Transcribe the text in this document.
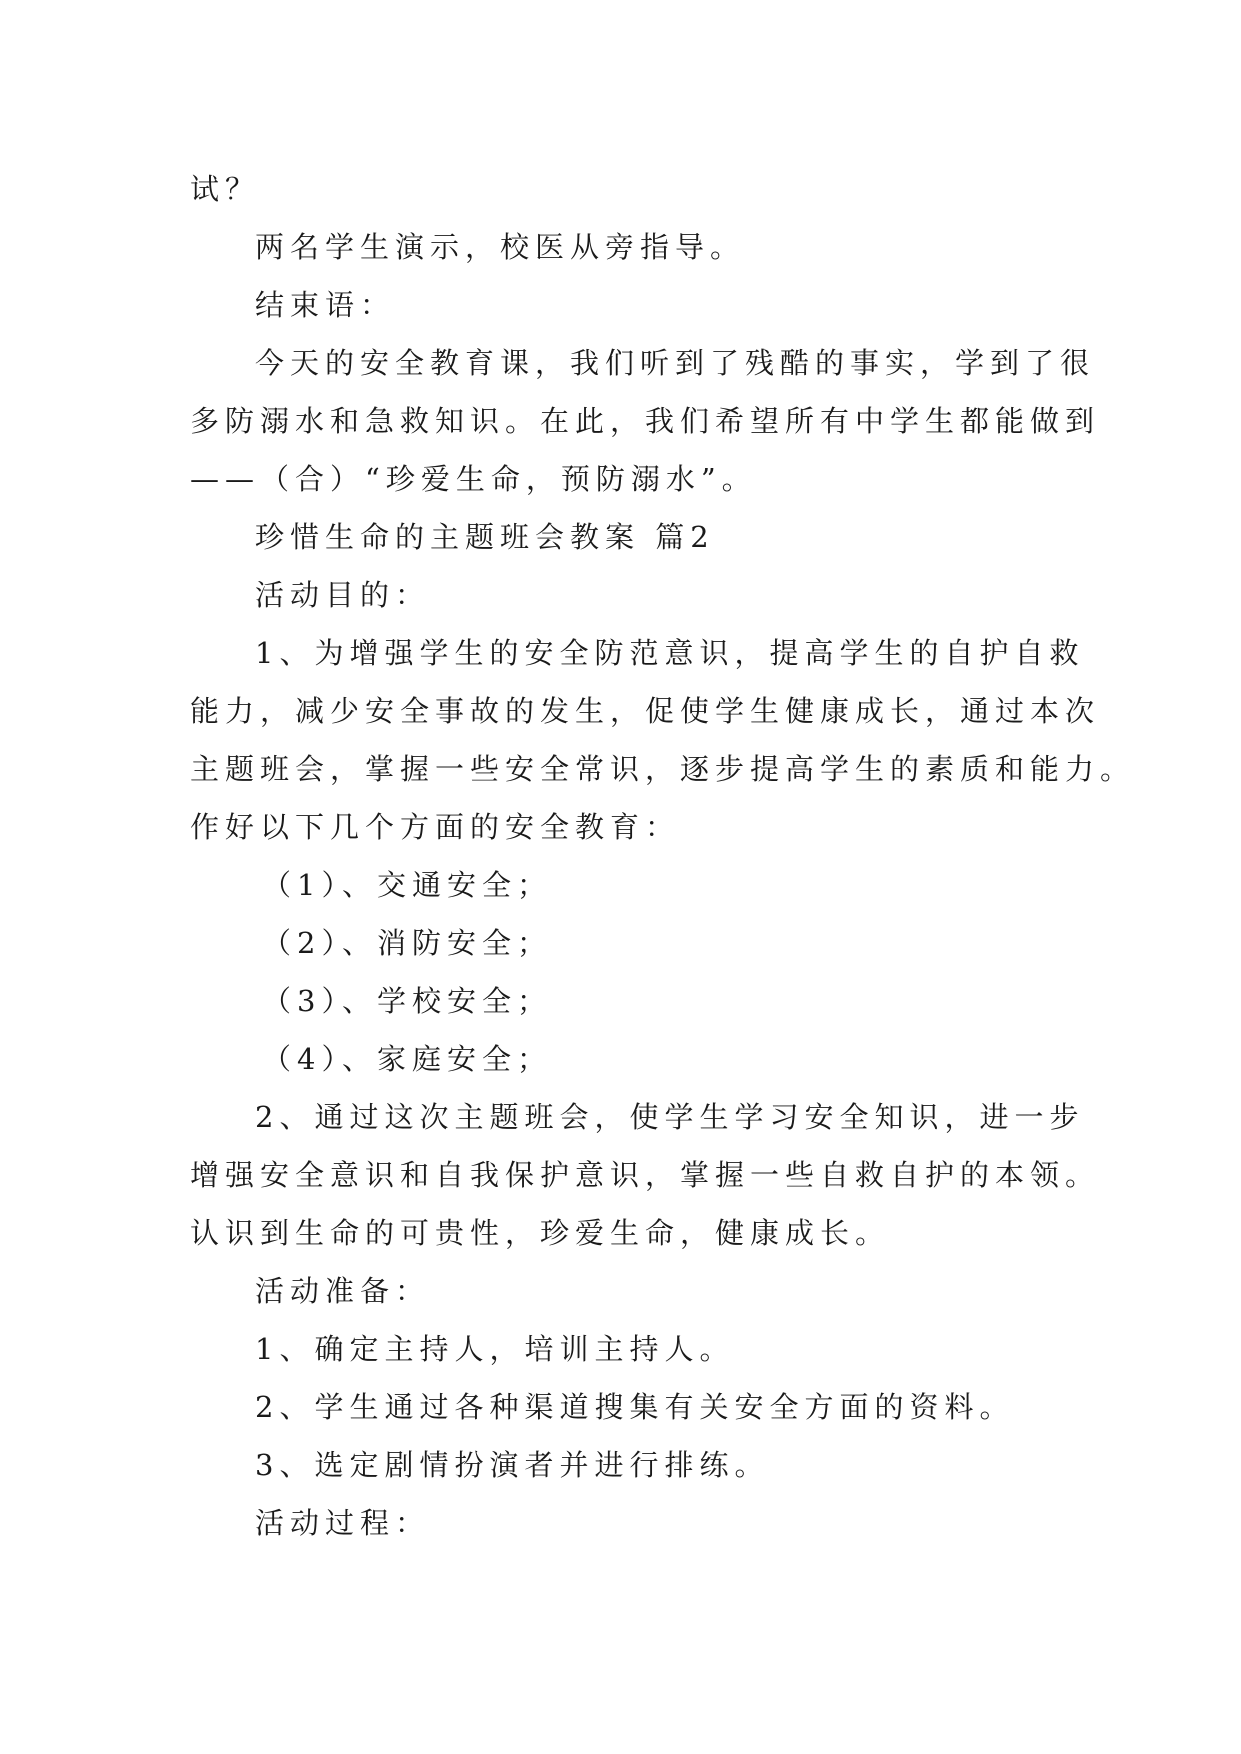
试？
两名学生演示，校医从旁指导。
结束语：
今天的安全教育课，我们听到了残酷的事实，学到了很
多防溺水和急救知识。在此，我们希望所有中学生都能做到
——（合）“珍爱生命，预防溺水”。
珍惜生命的主题班会教案 篇2
活动目的：
1、为增强学生的安全防范意识，提高学生的自护自救
能力，减少安全事故的发生，促使学生健康成长，通过本次
主题班会，掌握一些安全常识，逐步提高学生的素质和能力。
作好以下几个方面的安全教育：
（1）、交通安全；
（2）、消防安全；
（3）、学校安全；
（4）、家庭安全；
2、通过这次主题班会，使学生学习安全知识，进一步
增强安全意识和自我保护意识，掌握一些自救自护的本领。
认识到生命的可贵性，珍爱生命，健康成长。
活动准备：
1、确定主持人，培训主持人。
2、学生通过各种渠道搜集有关安全方面的资料。
3、选定剧情扮演者并进行排练。
活动过程：
